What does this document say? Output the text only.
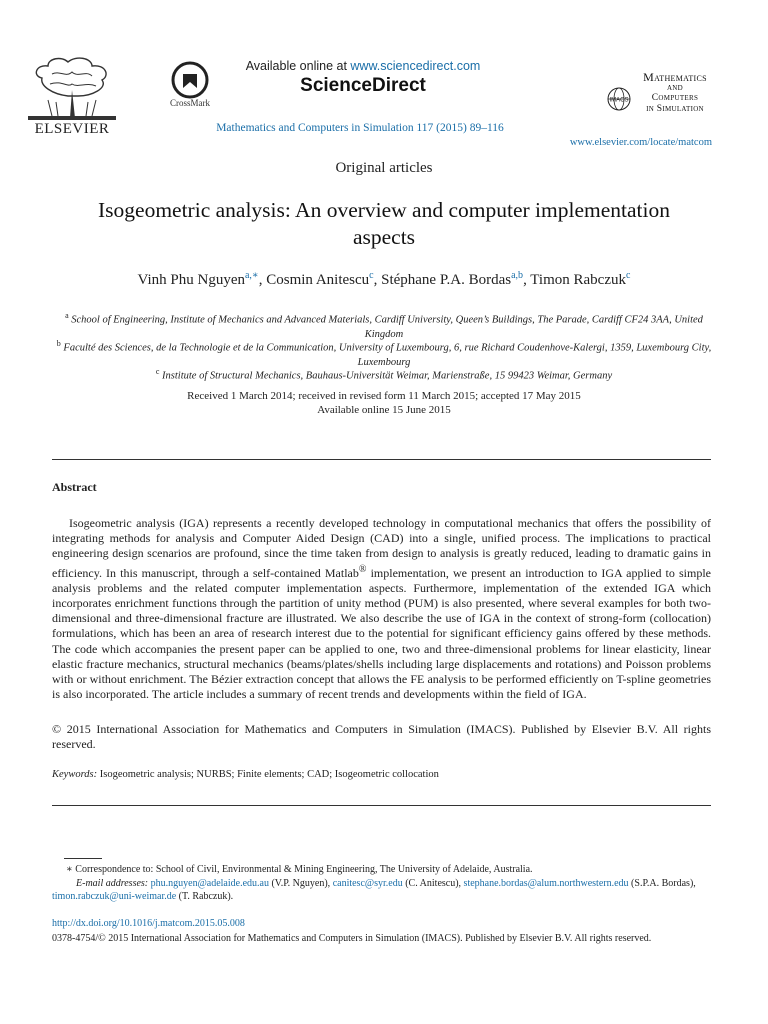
ELSEVIER
CrossMark
Available online at www.sciencedirect.com
ScienceDirect
Mathematics and Computers in Simulation 117 (2015) 89–116
IMACS
Mathematics
and
Computers
in Simulation
www.elsevier.com/locate/matcom
Original articles
Isogeometric analysis: An overview and computer implementation aspects
Vinh Phu Nguyen$^{a,∗}$, Cosmin Anitescu$^c$, Stéphane P.A. Bordas$^{a,b}$, Timon Rabczuk$^c$
$^a$ School of Engineering, Institute of Mechanics and Advanced Materials, Cardiff University, Queen’s Buildings, The Parade, Cardiff CF24 3AA, United Kingdom
$^b$ Faculté des Sciences, de la Technologie et de la Communication, University of Luxembourg, 6, rue Richard Coudenhove-Kalergi, 1359, Luxembourg City, Luxembourg
$^c$ Institute of Structural Mechanics, Bauhaus-Universität Weimar, Marienstraße, 15 99423 Weimar, Germany
Received 1 March 2014; received in revised form 11 March 2015; accepted 17 May 2015
Available online 15 June 2015
Abstract
Isogeometric analysis (IGA) represents a recently developed technology in computational mechanics that offers the possibility of integrating methods for analysis and Computer Aided Design (CAD) into a single, unified process. The implications to practical engineering design scenarios are profound, since the time taken from design to analysis is greatly reduced, leading to dramatic gains in efficiency. In this manuscript, through a self-contained Matlab® implementation, we present an introduction to IGA applied to simple analysis problems and the related computer implementation aspects. Furthermore, implementation of the extended IGA which incorporates enrichment functions through the partition of unity method (PUM) is also presented, where several examples for both two-dimensional and three-dimensional fracture are illustrated. We also describe the use of IGA in the context of strong-form (collocation) formulations, which has been an area of research interest due to the potential for significant efficiency gains offered by these methods. The code which accompanies the present paper can be applied to one, two and three-dimensional problems for linear elasticity, linear elastic fracture mechanics, structural mechanics (beams/plates/shells including large displacements and rotations) and Poisson problems with or without enrichment. The Bézier extraction concept that allows the FE analysis to be performed efficiently on T-spline geometries is also incorporated. The article includes a summary of recent trends and developments within the field of IGA.
© 2015 International Association for Mathematics and Computers in Simulation (IMACS). Published by Elsevier B.V. All rights reserved.
Keywords: Isogeometric analysis; NURBS; Finite elements; CAD; Isogeometric collocation
∗ Correspondence to: School of Civil, Environmental & Mining Engineering, The University of Adelaide, Australia.
E-mail addresses: phu.nguyen@adelaide.edu.au (V.P. Nguyen), canitesc@syr.edu (C. Anitescu), stephane.bordas@alum.northwestern.edu (S.P.A. Bordas), timon.rabczuk@uni-weimar.de (T. Rabczuk).
http://dx.doi.org/10.1016/j.matcom.2015.05.008
0378-4754/© 2015 International Association for Mathematics and Computers in Simulation (IMACS). Published by Elsevier B.V. All rights reserved.
